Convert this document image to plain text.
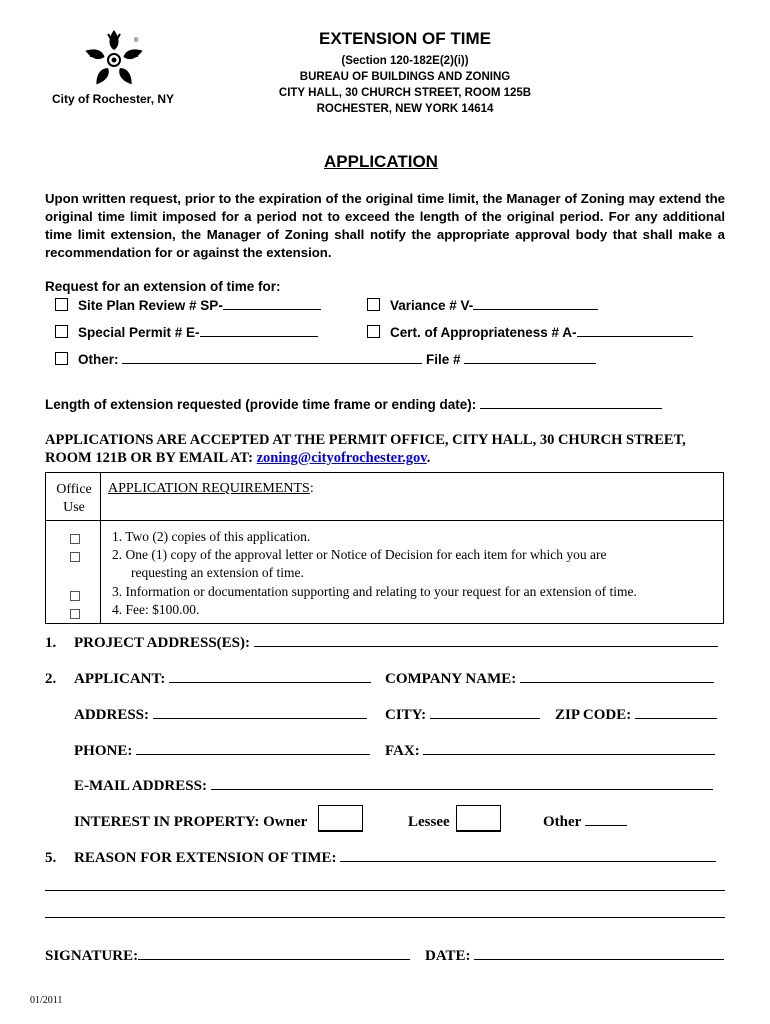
®
City of Rochester, NY
EXTENSION OF TIME
(Section 120-182E(2)(i))
BUREAU OF BUILDINGS AND ZONING
CITY HALL, 30 CHURCH STREET, ROOM 125B
ROCHESTER, NEW YORK 14614
APPLICATION
Upon written request, prior to the expiration of the original time limit, the Manager of Zoning may extend the original time limit imposed for a period not to exceed the length of the original period. For any additional time limit extension, the Manager of Zoning shall notify the appropriate approval body that shall make a recommendation for or against the extension.
Request for an extension of time for:
Site Plan Review # SP-	Variance # V-
Special Permit # E-	Cert. of Appropriateness # A-
Other:	File #
Length of extension requested (provide time frame or ending date):
APPLICATIONS ARE ACCEPTED AT THE PERMIT OFFICE, CITY HALL, 30 CHURCH STREET, ROOM 121B OR BY EMAIL AT: zoning@cityofrochester.gov.
Office Use
APPLICATION REQUIREMENTS:
1. Two (2) copies of this application.
2. One (1) copy of the approval letter or Notice of Decision for each item for which you are
requesting an extension of time.
3. Information or documentation supporting and relating to your request for an extension of time.
4. Fee: $100.00.
1. PROJECT ADDRESS(ES):
2. APPLICANT:	COMPANY NAME:
ADDRESS:	CITY:	ZIP CODE:
PHONE:	FAX:
E-MAIL ADDRESS:
INTEREST IN PROPERTY: Owner	Lessee	Other
5. REASON FOR EXTENSION OF TIME:
SIGNATURE:	DATE:
01/2011
